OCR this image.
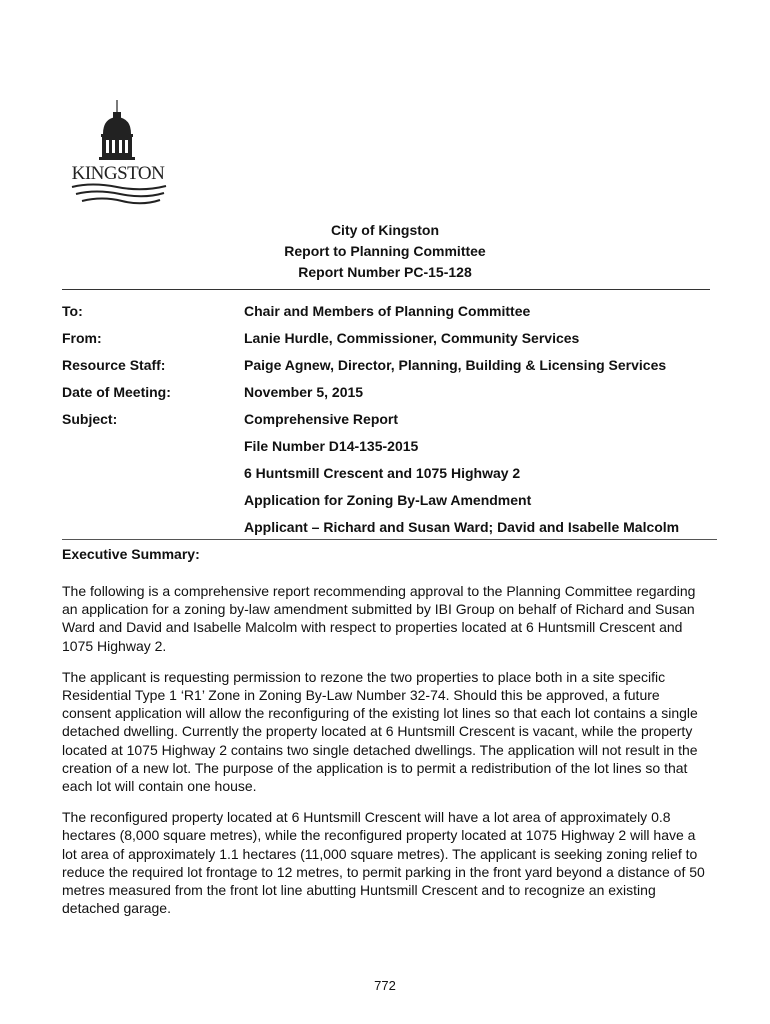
KINGSTON
City of Kingston
Report to Planning Committee
Report Number PC-15-128
To:	Chair and Members of Planning Committee
From:	Lanie Hurdle, Commissioner, Community Services
Resource Staff:	Paige Agnew, Director, Planning, Building & Licensing Services
Date of Meeting:	November 5, 2015
Subject:	Comprehensive Report
File Number D14-135-2015
6 Huntsmill Crescent and 1075 Highway 2
Application for Zoning By-Law Amendment
Applicant – Richard and Susan Ward; David and Isabelle Malcolm
Executive Summary:

The following is a comprehensive report recommending approval to the Planning Committee regarding an application for a zoning by-law amendment submitted by IBI Group on behalf of Richard and Susan Ward and David and Isabelle Malcolm with respect to properties located at 6 Huntsmill Crescent and 1075 Highway 2.

The applicant is requesting permission to rezone the two properties to place both in a site specific Residential Type 1 ‘R1’ Zone in Zoning By-Law Number 32-74. Should this be approved, a future consent application will allow the reconfiguring of the existing lot lines so that each lot contains a single detached dwelling. Currently the property located at 6 Huntsmill Crescent is vacant, while the property located at 1075 Highway 2 contains two single detached dwellings. The application will not result in the creation of a new lot. The purpose of the application is to permit a redistribution of the lot lines so that each lot will contain one house.

The reconfigured property located at 6 Huntsmill Crescent will have a lot area of approximately 0.8 hectares (8,000 square metres), while the reconfigured property located at 1075 Highway 2 will have a lot area of approximately 1.1 hectares (11,000 square metres). The applicant is seeking zoning relief to reduce the required lot frontage to 12 metres, to permit parking in the front yard beyond a distance of 50 metres measured from the front lot line abutting Huntsmill Crescent and to recognize an existing detached garage.

772
